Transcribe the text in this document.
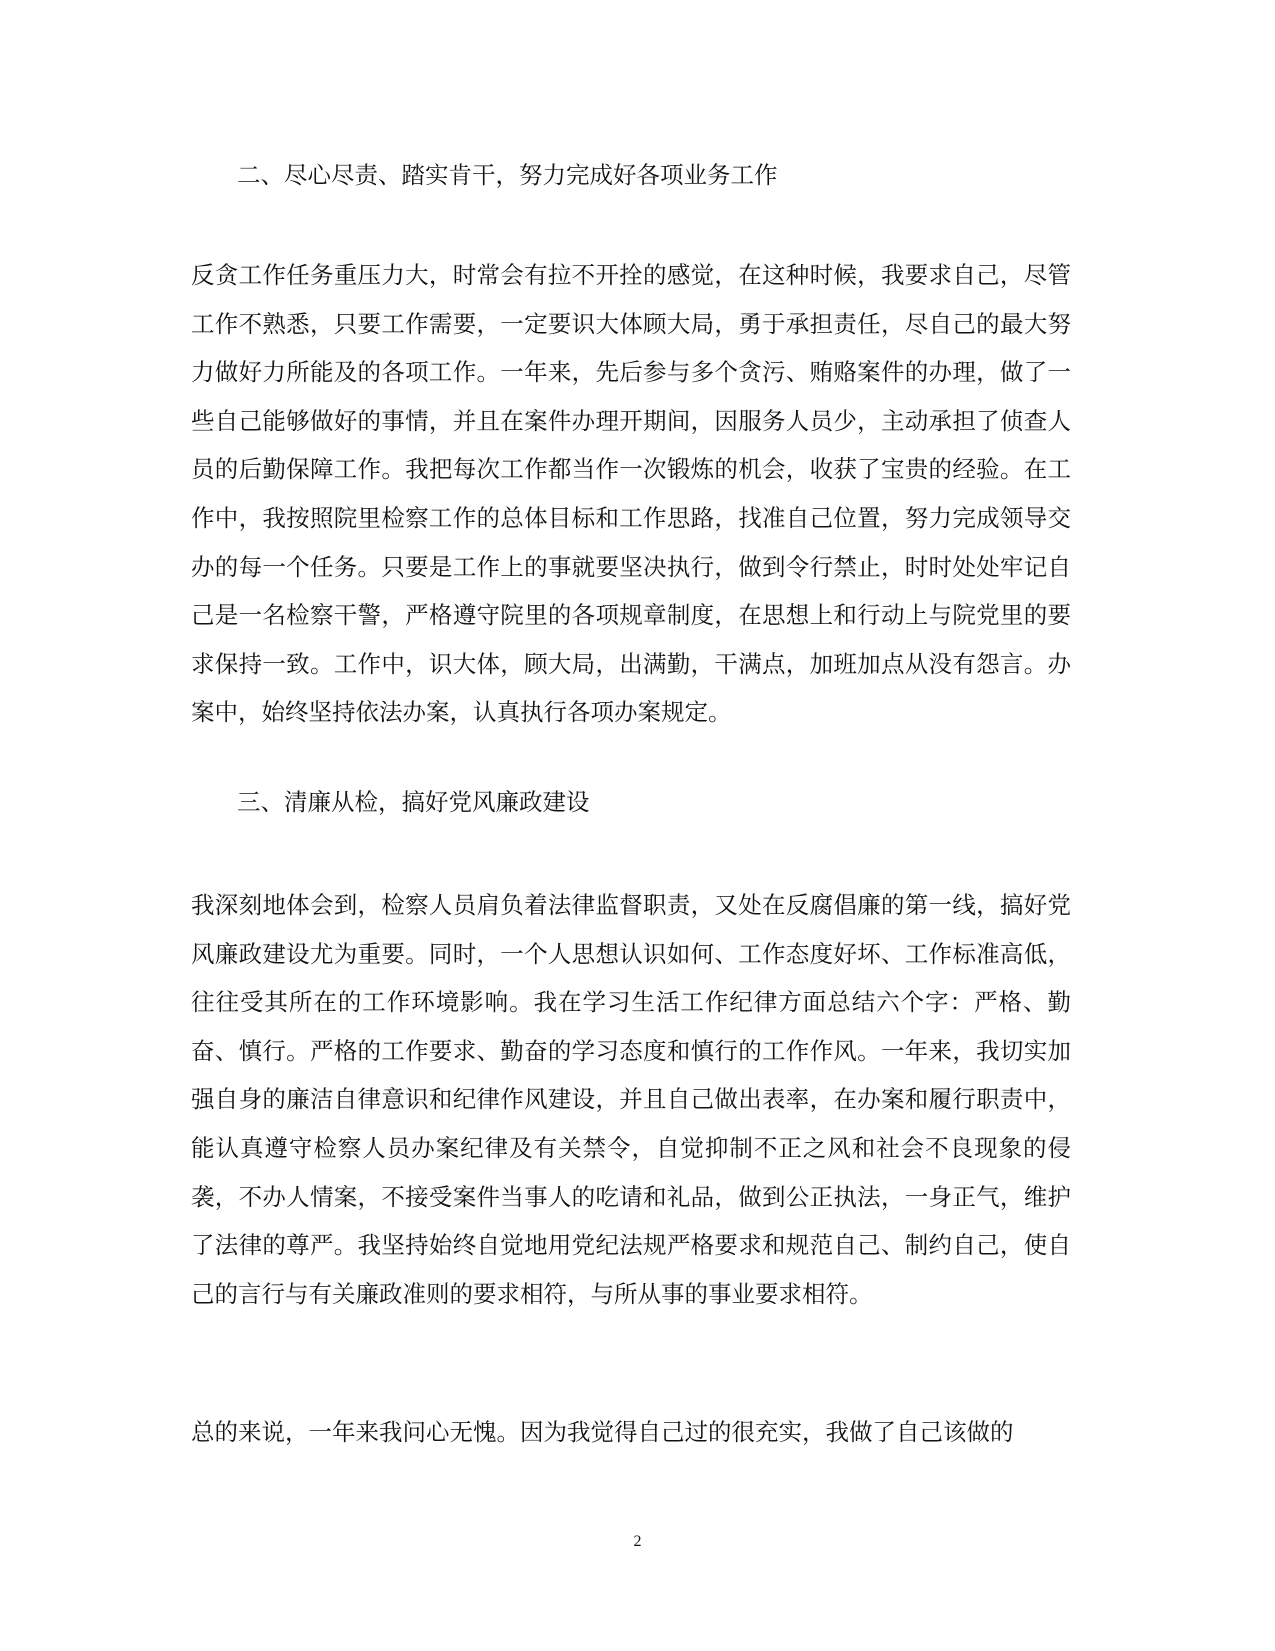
二、尽心尽责、踏实肯干，努力完成好各项业务工作

反贪工作任务重压力大，时常会有拉不开拴的感觉，在这种时候，我要求自己，尽管工作不熟悉，只要工作需要，一定要识大体顾大局，勇于承担责任，尽自己的最大努力做好力所能及的各项工作。一年来，先后参与多个贪污、贿赂案件的办理，做了一些自己能够做好的事情，并且在案件办理开期间，因服务人员少，主动承担了侦查人员的后勤保障工作。我把每次工作都当作一次锻炼的机会，收获了宝贵的经验。在工作中，我按照院里检察工作的总体目标和工作思路，找准自己位置，努力完成领导交办的每一个任务。只要是工作上的事就要坚决执行，做到令行禁止，时时处处牢记自己是一名检察干警，严格遵守院里的各项规章制度，在思想上和行动上与院党里的要求保持一致。工作中，识大体，顾大局，出满勤，干满点，加班加点从没有怨言。办案中，始终坚持依法办案，认真执行各项办案规定。

三、清廉从检，搞好党风廉政建设

我深刻地体会到，检察人员肩负着法律监督职责，又处在反腐倡廉的第一线，搞好党风廉政建设尤为重要。同时，一个人思想认识如何、工作态度好坏、工作标准高低，往往受其所在的工作环境影响。我在学习生活工作纪律方面总结六个字：严格、勤奋、慎行。严格的工作要求、勤奋的学习态度和慎行的工作作风。一年来，我切实加强自身的廉洁自律意识和纪律作风建设，并且自己做出表率，在办案和履行职责中，能认真遵守检察人员办案纪律及有关禁令，自觉抑制不正之风和社会不良现象的侵袭，不办人情案，不接受案件当事人的吃请和礼品，做到公正执法，一身正气，维护了法律的尊严。我坚持始终自觉地用党纪法规严格要求和规范自己、制约自己，使自己的言行与有关廉政准则的要求相符，与所从事的事业要求相符。

总的来说，一年来我问心无愧。因为我觉得自己过的很充实，我做了自己该做的

2
